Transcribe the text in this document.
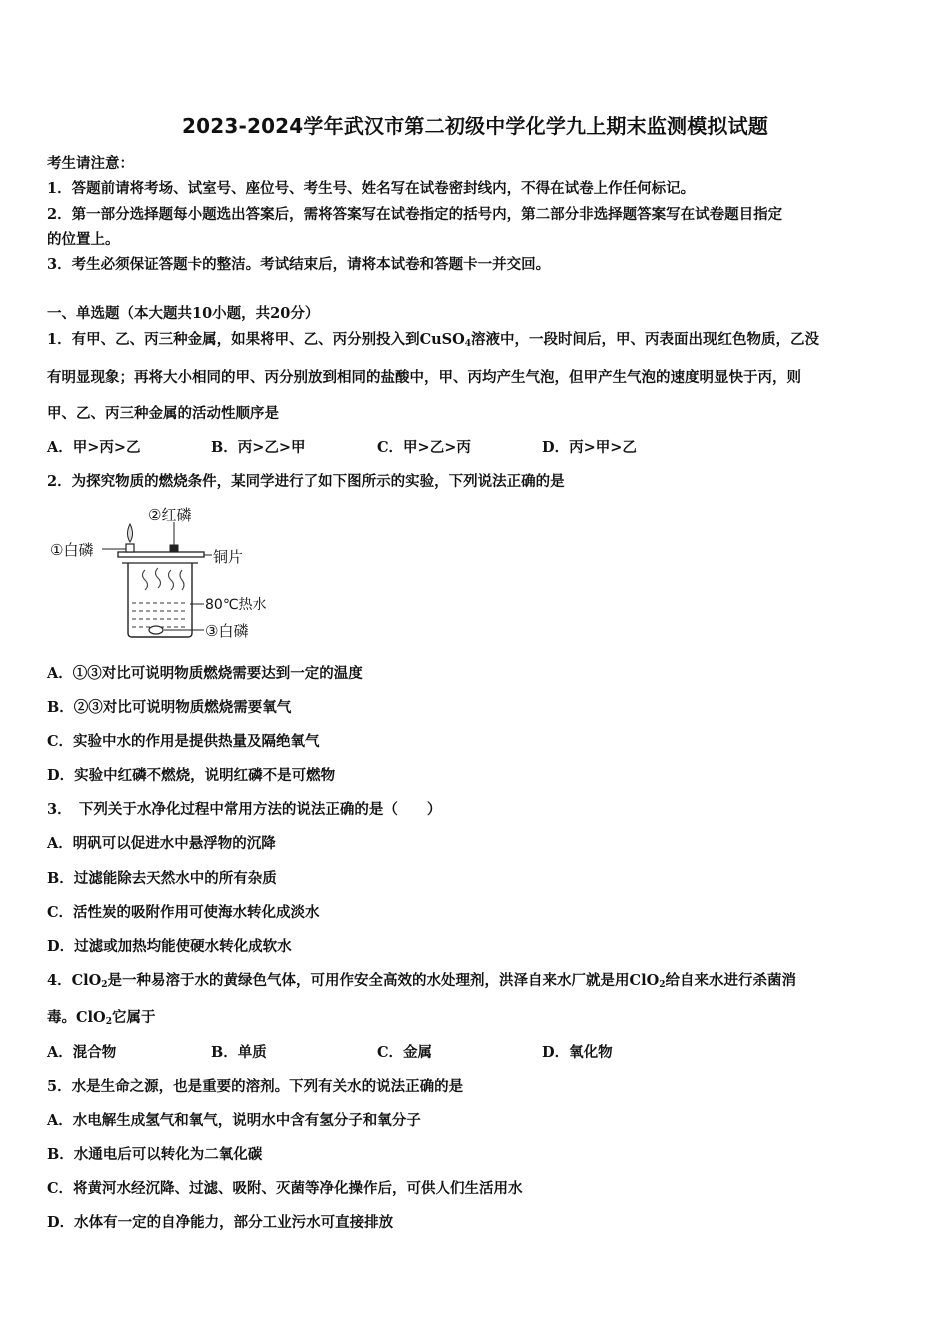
2023-2024学年武汉市第二初级中学化学九上期末监测模拟试题
考生请注意：
1．答题前请将考场、试室号、座位号、考生号、姓名写在试卷密封线内，不得在试卷上作任何标记。
2．第一部分选择题每小题选出答案后，需将答案写在试卷指定的括号内，第二部分非选择题答案写在试卷题目指定
的位置上。
3．考生必须保证答题卡的整洁。考试结束后，请将本试卷和答题卡一并交回。
一、单选题（本大题共10小题，共20分）
1．有甲、乙、丙三种金属，如果将甲、乙、丙分别投入到CuSO$_4$溶液中，一段时间后，甲、丙表面出现红色物质，乙没
有明显现象；再将大小相同的甲、丙分别放到相同的盐酸中，甲、丙均产生气泡，但甲产生气泡的速度明显快于丙，则
甲、乙、丙三种金属的活动性顺序是
A．甲>丙>乙	B．丙>乙>甲	C．甲>乙>丙	D．丙>甲>乙
2．为探究物质的燃烧条件，某同学进行了如下图所示的实验，下列说法正确的是
①白磷
②红磷
铜片
80℃热水
③白磷
A．①③对比可说明物质燃烧需要达到一定的温度
B．②③对比可说明物质燃烧需要氧气
C．实验中水的作用是提供热量及隔绝氧气
D．实验中红磷不燃烧，说明红磷不是可燃物
3．　下列关于水净化过程中常用方法的说法正确的是（　　）
A．明矾可以促进水中悬浮物的沉降
B．过滤能除去天然水中的所有杂质
C．活性炭的吸附作用可使海水转化成淡水
D．过滤或加热均能使硬水转化成软水
4．ClO$_2$是一种易溶于水的黄绿色气体，可用作安全高效的水处理剂，洪泽自来水厂就是用ClO$_2$给自来水进行杀菌消
毒。ClO$_2$它属于
A．混合物	B．单质	C．金属	D．氧化物
5．水是生命之源，也是重要的溶剂。下列有关水的说法正确的是
A．水电解生成氢气和氧气，说明水中含有氢分子和氧分子
B．水通电后可以转化为二氧化碳
C．将黄河水经沉降、过滤、吸附、灭菌等净化操作后，可供人们生活用水
D．水体有一定的自净能力，部分工业污水可直接排放
